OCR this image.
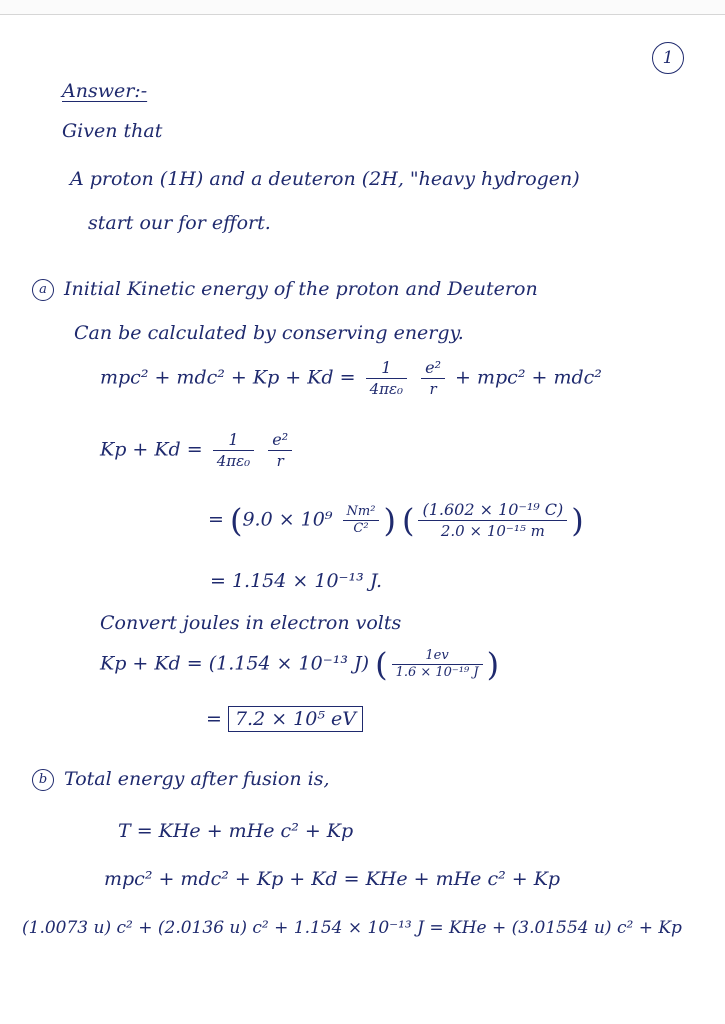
1
Answer:-
Given that
A proton (1H) and a deuteron (2H, "heavy hydrogen)
start our for effort.
a Initial Kinetic energy of the proton and Deuteron
Can be calculated by conserving energy.
$mpc^2 + mdc^2 + Kp + Kd = \frac{1}{\text{4πε₀}}$
$\frac{\text{e²}}{r} + mpc^2 + mdc^2$
$Kp + Kd = \frac{1}{\text{4πε₀}}$
$\frac{\text{e²}}{r}$
= ($9.0 \times 10^9 \frac{\text{Nm²}}{\text{C²}}$ ) ( $\frac{\text{(1.602 × 10⁻¹⁹ C)}}{\text{2.0 × 10⁻¹⁵ m}}$ )
= 1.154 × 10⁻¹³ J.
Convert joules in electron volts
Kp + Kd = (1.154 × 10⁻¹³ J) ( $\frac{1ev}{\text{1.6 × 10⁻¹⁹ J}}$ )
= 7.2 × 10⁵ eV
b Total energy after fusion is,
T = KHe + mHe c² + Kp
mpc² + mdc² + Kp + Kd = KHe + mHe c² + Kp
(1.0073 u) c² + (2.0136 u) c² + 1.154 × 10⁻¹³ J = KHe + (3.01554 u) c² + Kp
